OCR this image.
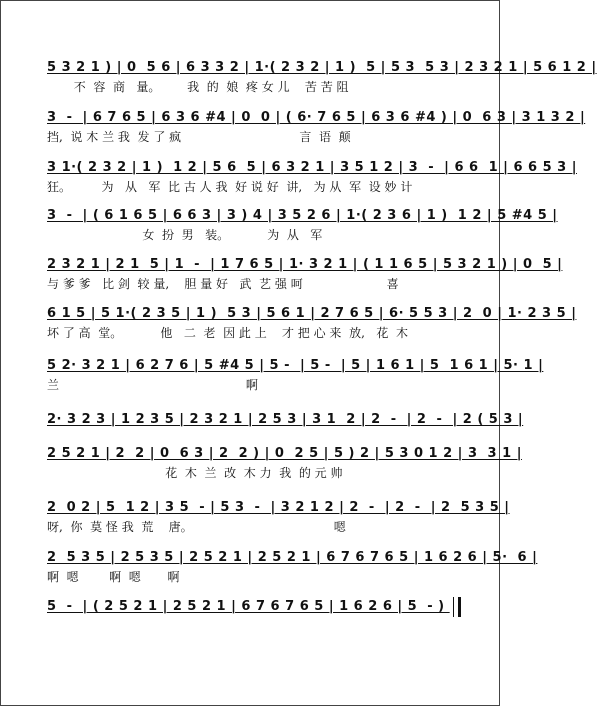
5 3 2 1 ) | 0  5 6 | 6 3 3 2 | 1·( 2 3 2 | 1 )  5 | 5 3  5 3 | 2 3 2 1 | 5 6 1 2 |
不  容  商   量。       我  的  娘  疼 女 儿    苦 苦 阻
3  -  | 6 7 6 5 | 6 3 6 #4 | 0  0 | ( 6· 7 6 5 | 6 3 6 #4 ) | 0  6 3 | 3 1 3 2 |
挡,  说 木 兰 我  发 了 疯                               言  语  颠
3 1·( 2 3 2 | 1 )  1 2 | 5 6  5 | 6 3 2 1 | 3 5 1 2 | 3  -  | 6 6  1 | 6 6 5 3 |
狂。        为   从   军  比 古 人 我  好 说 好  讲,   为 从  军  设 妙 计
3  -  | ( 6 1 6 5 | 6 6 3 | 3 ) 4 | 3 5 2 6 | 1·( 2 3 6 | 1 )  1 2 | 5 #4 5 |
女  扮  男   装。          为  从   军
2 3 2 1 | 2 1  5 | 1  -  | 1 7 6 5 | 1· 3 2 1 | ( 1 1 6 5 | 5 3 2 1 ) | 0  5 |
与 爹 爹   比 剑  较 量,    胆 量 好   武  艺 强 呵                      喜
6 1 5 | 5 1·( 2 3 5 | 1 )  5 3 | 5 6 1 | 2 7 6 5 | 6· 5 5 3 | 2  0 | 1· 2 3 5 |
坏 了 高  堂。          他   二  老  因 此 上    才 把 心 来  放,   花  木
5 2· 3 2 1 | 6 2 7 6 | 5 #4 5 | 5 -  | 5 -  | 5 | 1 6 1 | 5  1 6 1 | 5· 1 |
兰                                                 啊
2· 3 2 3 | 1 2 3 5 | 2 3 2 1 | 2 5 3 | 3 1  2 | 2  -  | 2  -  | 2 ( 5 3 |
2 5 2 1 | 2  2 | 0  6 3 | 2  2 ) | 0  2 5 | 5 ) 2 | 5 3 0 1 2 | 3  3 1 |
花  木  兰  改  木 力  我  的 元 帅
2  0 2 | 5  1 2 | 3 5  - | 5 3  -  | 3 2 1 2 | 2  -  | 2  -  | 2  5 3 5 |
呀,  你  莫 怪 我  荒    唐。                                     嗯
2  5 3 5 | 2 5 3 5 | 2 5 2 1 | 2 5 2 1 | 6 7 6 7 6 5 | 1 6 2 6 | 5·  6 |
啊  嗯        啊  嗯       啊
5  -  | ( 2 5 2 1 | 2 5 2 1 | 6 7 6 7 6 5 | 1 6 2 6 | 5  - )
